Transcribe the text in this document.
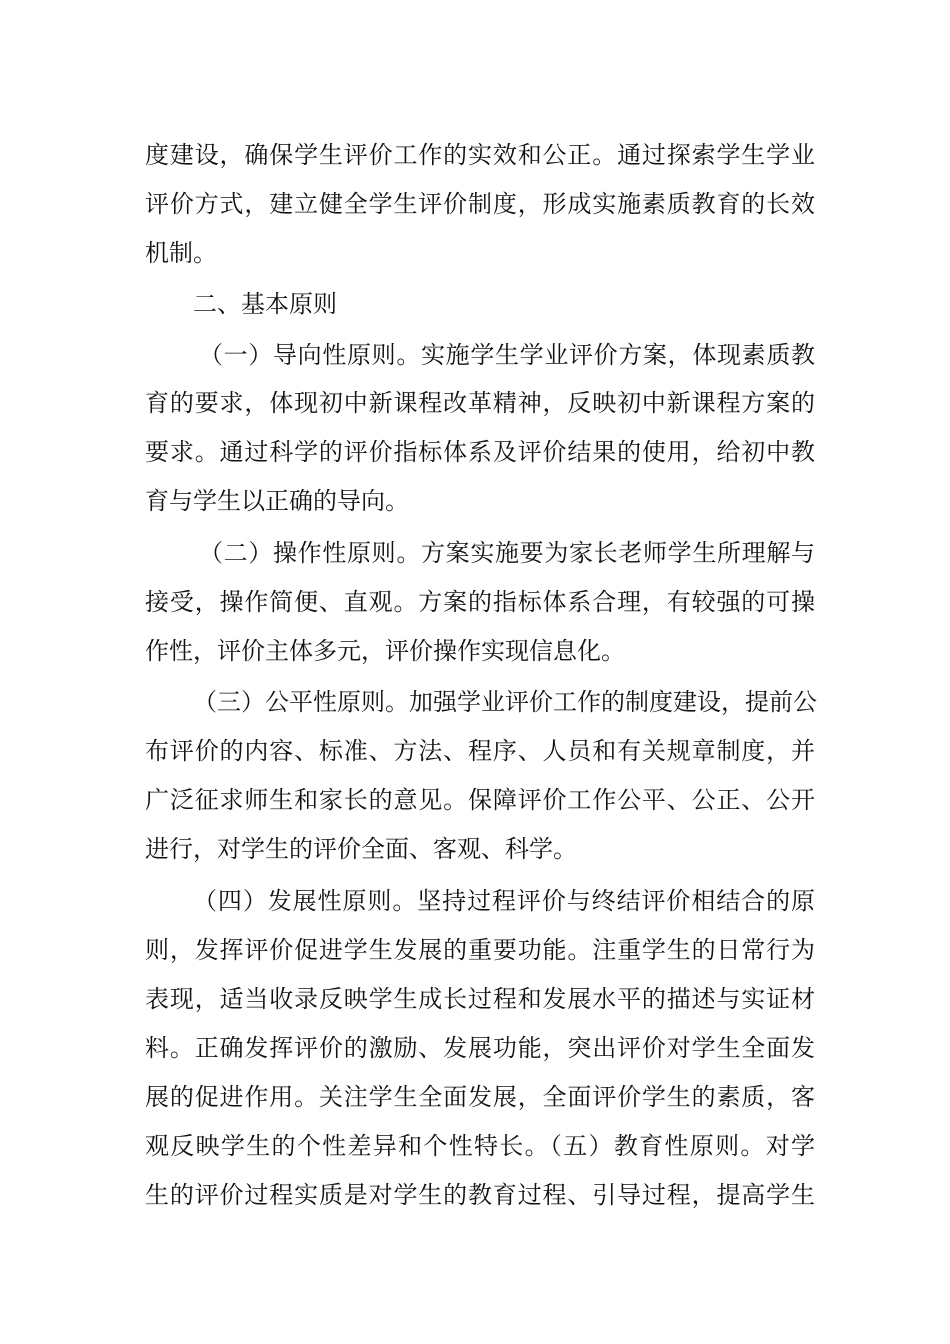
度建设，确保学生评价工作的实效和公正。通过探索学生学业
评价方式，建立健全学生评价制度，形成实施素质教育的长效
机制。
二、基本原则
（一）导向性原则。实施学生学业评价方案，体现素质教
育的要求，体现初中新课程改革精神，反映初中新课程方案的
要求。通过科学的评价指标体系及评价结果的使用，给初中教
育与学生以正确的导向。
（二）操作性原则。方案实施要为家长老师学生所理解与
接受，操作简便、直观。方案的指标体系合理，有较强的可操
作性，评价主体多元，评价操作实现信息化。
（三）公平性原则。加强学业评价工作的制度建设，提前公
布评价的内容、标准、方法、程序、人员和有关规章制度，并
广泛征求师生和家长的意见。保障评价工作公平、公正、公开
进行，对学生的评价全面、客观、科学。
（四）发展性原则。坚持过程评价与终结评价相结合的原
则，发挥评价促进学生发展的重要功能。注重学生的日常行为
表现，适当收录反映学生成长过程和发展水平的描述与实证材
料。正确发挥评价的激励、发展功能，突出评价对学生全面发
展的促进作用。关注学生全面发展，全面评价学生的素质，客
观反映学生的个性差异和个性特长。（五）教育性原则。对学
生的评价过程实质是对学生的教育过程、引导过程，提高学生
